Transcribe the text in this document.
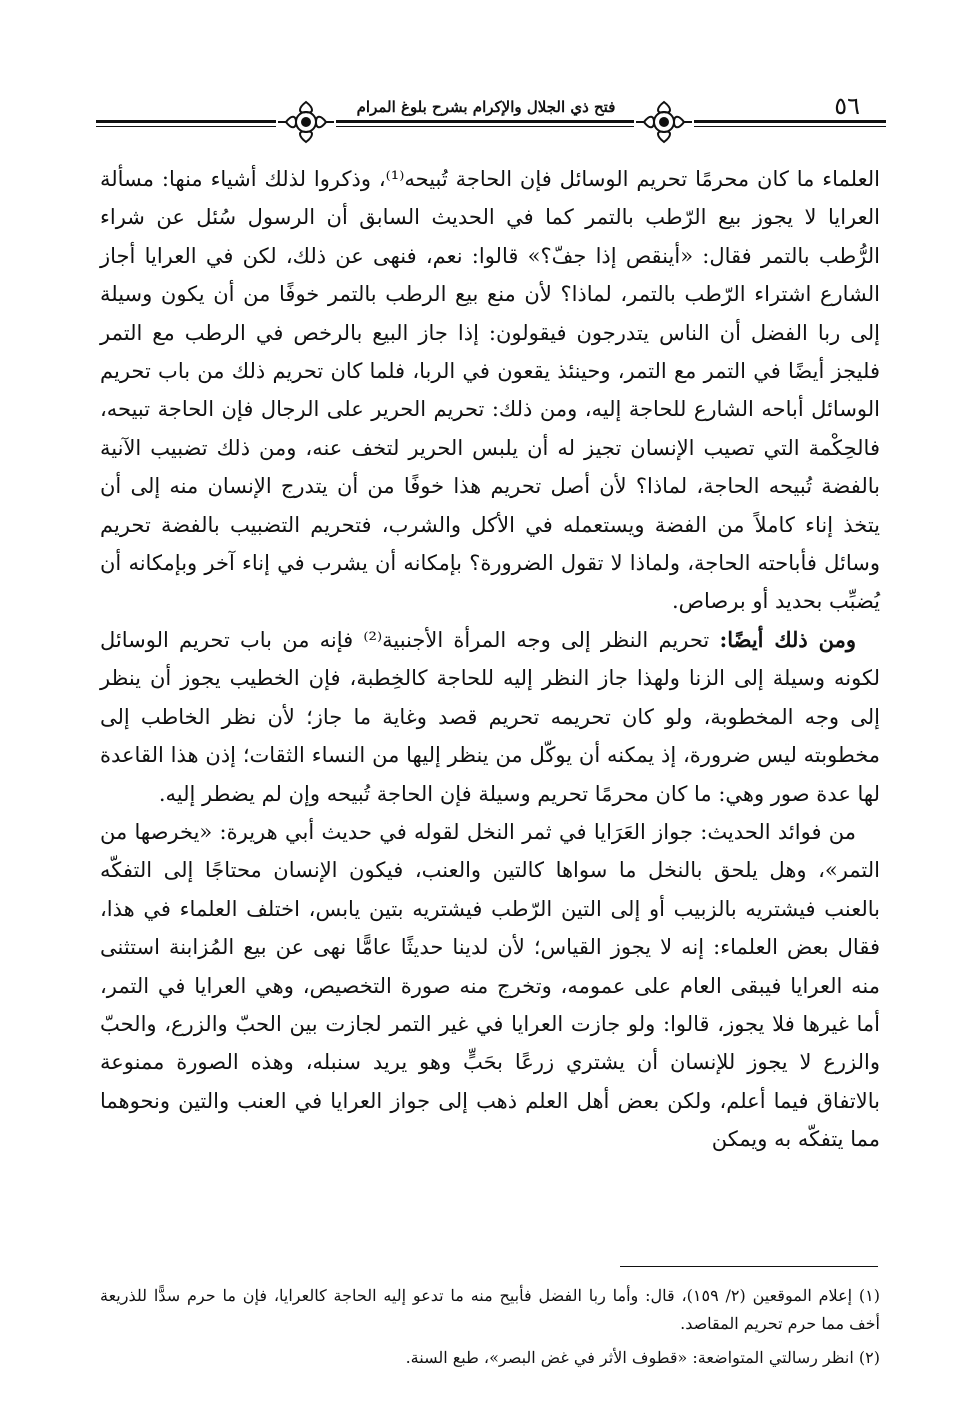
فتح ذي الجلال والإكرام بشرح بلوغ المرام	٥٦

العلماء ما كان محرمًا تحريم الوسائل فإن الحاجة تُبيحه⁽¹⁾، وذكروا لذلك أشياء منها: مسألة العرايا لا يجوز بيع الرّطب بالتمر كما في الحديث السابق أن الرسول سُئل عن شراء الرُّطب بالتمر فقال: «أينقص إذا جفّ؟» قالوا: نعم، فنهى عن ذلك، لكن في العرايا أجاز الشارع اشتراء الرّطب بالتمر، لماذا؟ لأن منع بيع الرطب بالتمر خوفًا من أن يكون وسيلة إلى ربا الفضل أن الناس يتدرجون فيقولون: إذا جاز البيع بالرخص في الرطب مع التمر فليجز أيضًا في التمر مع التمر، وحينئذ يقعون في الربا، فلما كان تحريم ذلك من باب تحريم الوسائل أباحه الشارع للحاجة إليه، ومن ذلك: تحريم الحرير على الرجال فإن الحاجة تبيحه، فالحِكْمة التي تصيب الإنسان تجيز له أن يلبس الحرير لتخف عنه، ومن ذلك تضبيب الآنية بالفضة تُبيحه الحاجة، لماذا؟ لأن أصل تحريم هذا خوفًا من أن يتدرج الإنسان منه إلى أن يتخذ إناء كاملاً من الفضة ويستعمله في الأكل والشرب، فتحريم التضبيب بالفضة تحريم وسائل فأباحته الحاجة، ولماذا لا تقول الضرورة؟ بإمكانه أن يشرب في إناء آخر وبإمكانه أن يُضبِّب بحديد أو برصاص.

ومن ذلك أيضًا: تحريم النظر إلى وجه المرأة الأجنبية⁽²⁾ فإنه من باب تحريم الوسائل لكونه وسيلة إلى الزنا ولهذا جاز النظر إليه للحاجة كالخِطبة، فإن الخطيب يجوز أن ينظر إلى وجه المخطوبة، ولو كان تحريمه تحريم قصد وغاية ما جاز؛ لأن نظر الخاطب إلى مخطوبته ليس ضرورة، إذ يمكنه أن يوكّل من ينظر إليها من النساء الثقات؛ إذن هذا القاعدة لها عدة صور وهي: ما كان محرمًا تحريم وسيلة فإن الحاجة تُبيحه وإن لم يضطر إليه.

من فوائد الحديث: جواز العَرَايا في ثمر النخل لقوله في حديث أبي هريرة: «يخرصها من التمر»، وهل يلحق بالنخل ما سواها كالتين والعنب، فيكون الإنسان محتاجًا إلى التفكّه بالعنب فيشتريه بالزبيب أو إلى التين الرّطب فيشتريه بتين يابس، اختلف العلماء في هذا، فقال بعض العلماء: إنه لا يجوز القياس؛ لأن لدينا حديثًا عامًّا نهى عن بيع المُزابنة استثنى منه العرايا فيبقى العام على عمومه، وتخرج منه صورة التخصيص، وهي العرايا في التمر، أما غيرها فلا يجوز، قالوا: ولو جازت العرايا في غير التمر لجازت بين الحبّ والزرع، والحبّ والزرع لا يجوز للإنسان أن يشتري زرعًا بحَبٍّ وهو يريد سنبله، وهذه الصورة ممنوعة بالاتفاق فيما أعلم، ولكن بعض أهل العلم ذهب إلى جواز العرايا في العنب والتين ونحوهما مما يتفكّه به ويمكن

(١) إعلام الموقعين (٢/ ١٥٩)، قال: وأما ربا الفضل فأبيح منه ما تدعو إليه الحاجة كالعرايا، فإن ما حرم سدًّا للذريعة أخف مما حرم تحريم المقاصد.

(٢) انظر رسالتي المتواضعة: «قطوف الأثر في غض البصر»، طبع السنة.
